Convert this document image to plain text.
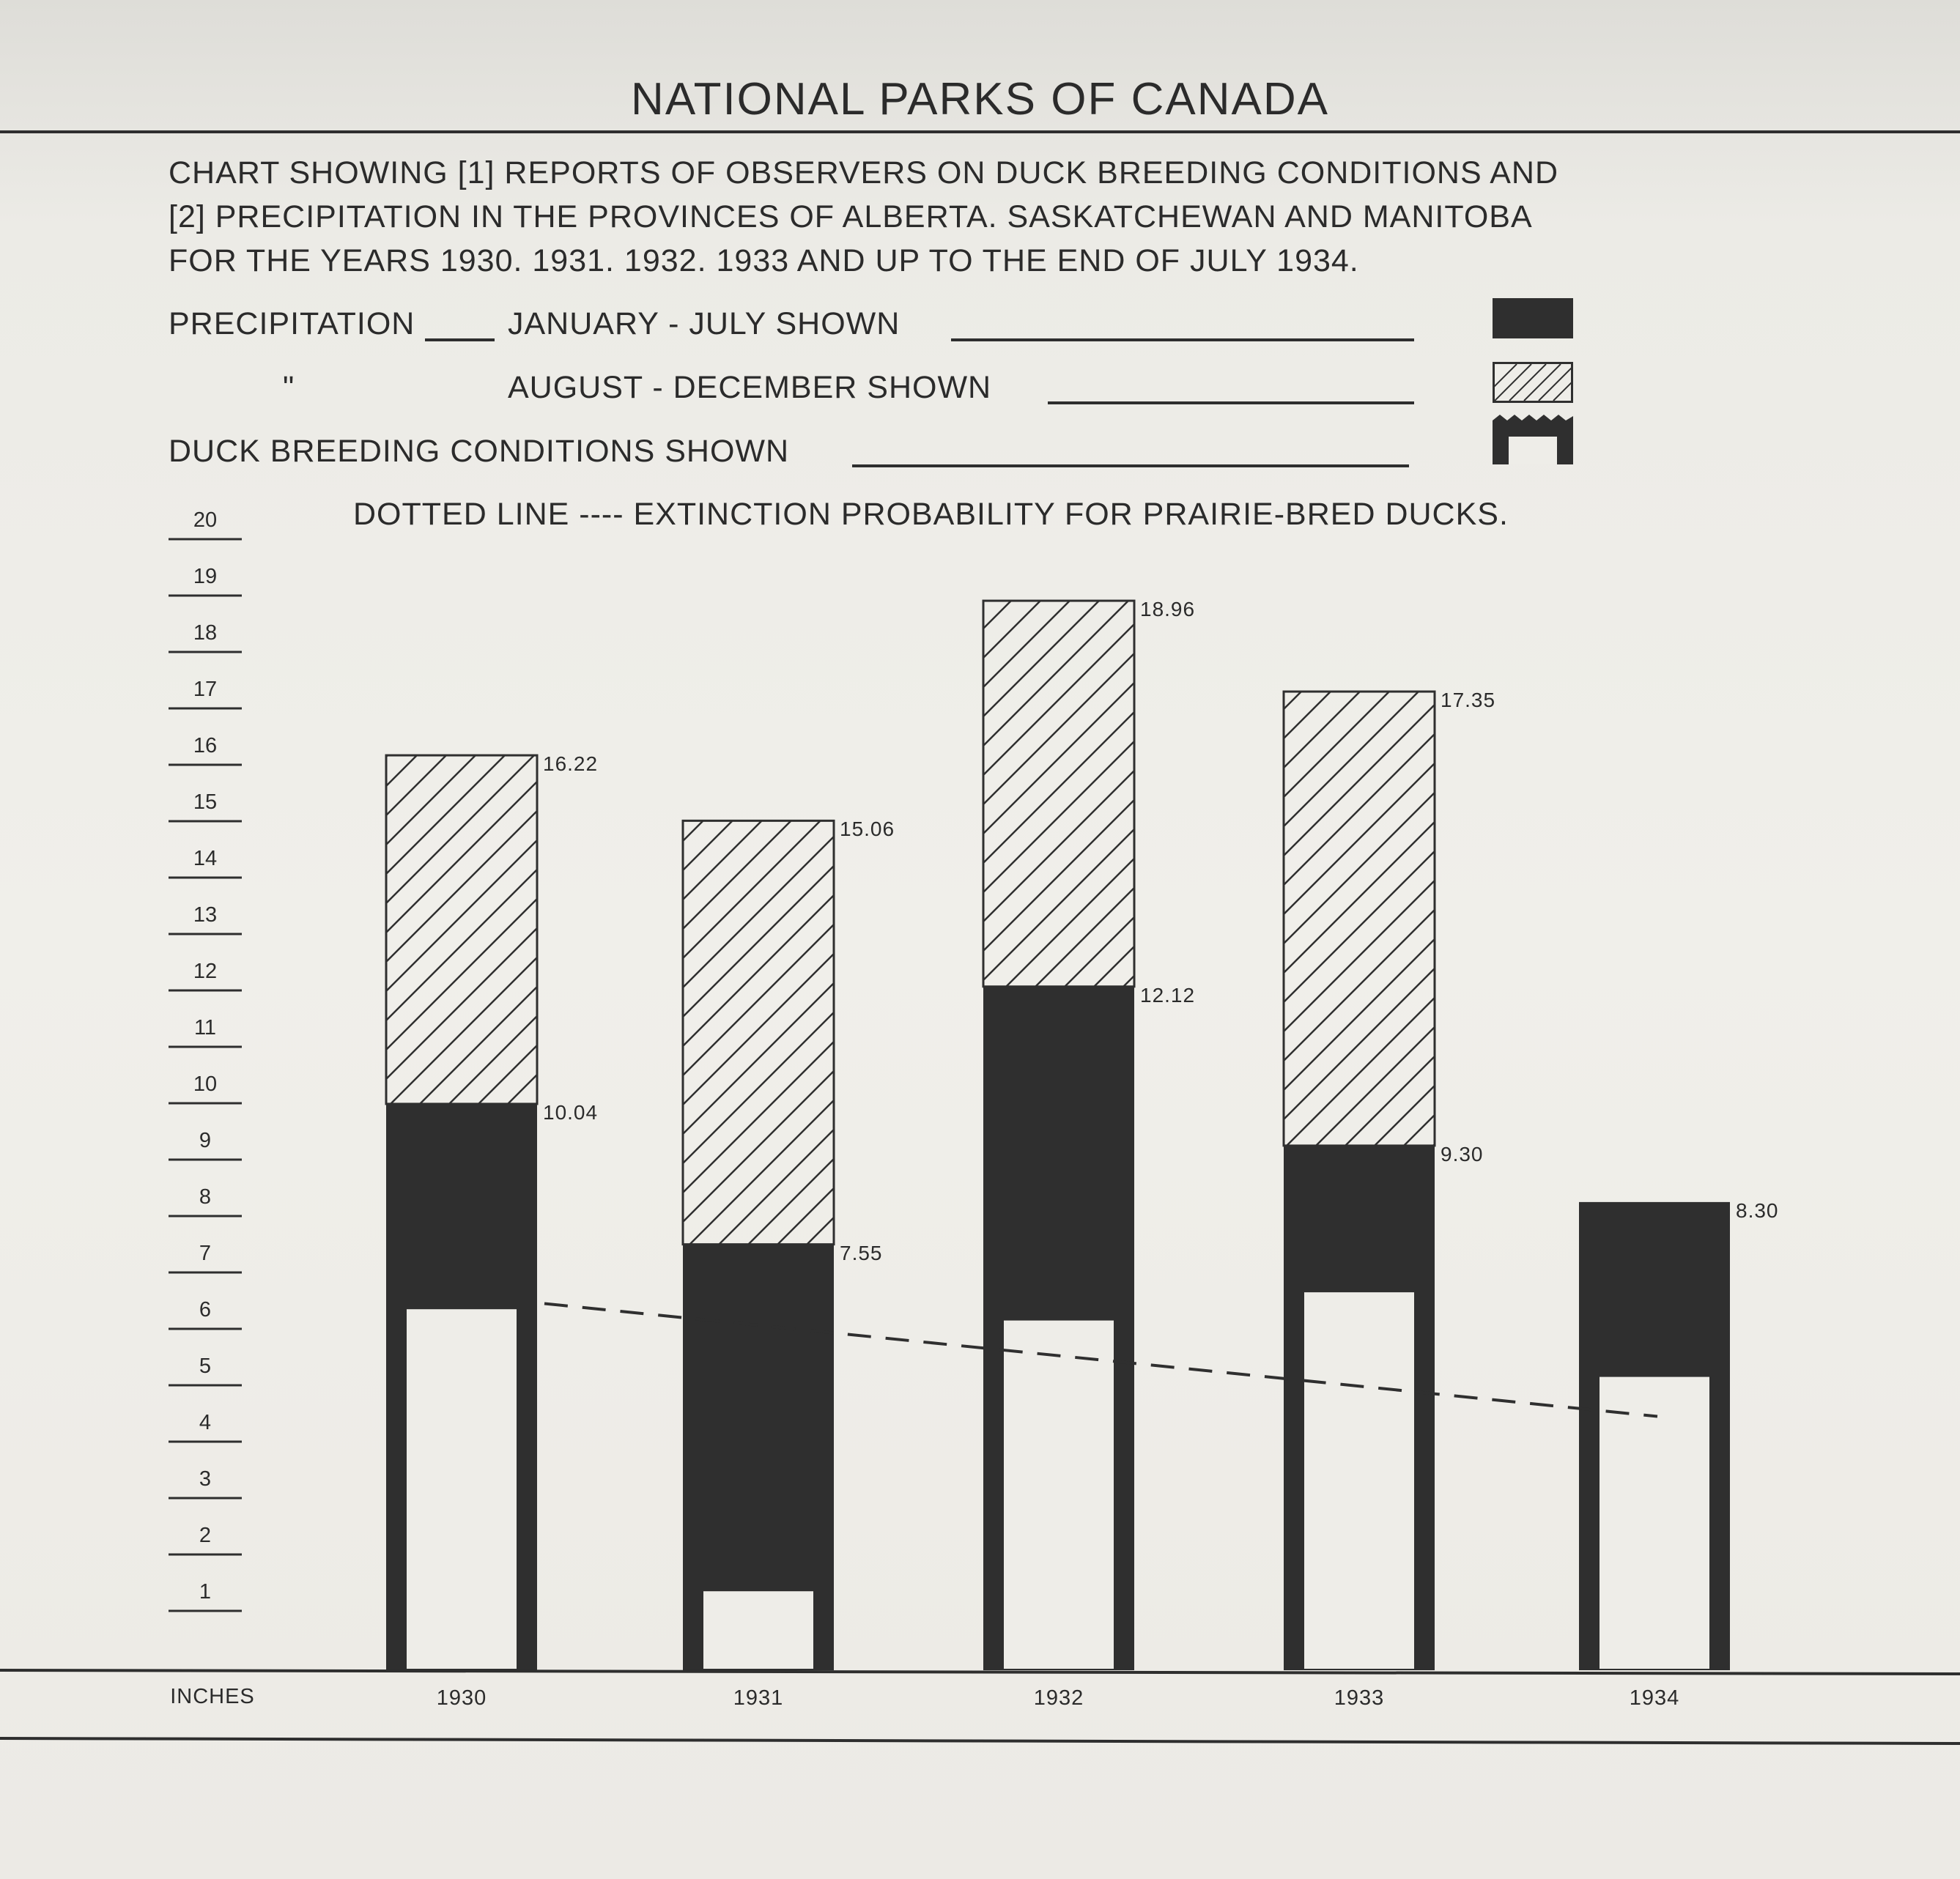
NATIONAL PARKS OF CANADA
CHART SHOWING [1] REPORTS OF OBSERVERS ON DUCK BREEDING CONDITIONS AND
[2] PRECIPITATION IN THE PROVINCES OF ALBERTA. SASKATCHEWAN AND MANITOBA
FOR THE YEARS 1930. 1931. 1932. 1933 AND UP TO THE END OF JULY 1934.
PRECIPITATION	JANUARY - JULY SHOWN
"	AUGUST - DECEMBER SHOWN
DUCK BREEDING CONDITIONS SHOWN
DOTTED LINE ---- EXTINCTION PROBABILITY FOR PRAIRIE-BRED DUCKS.
1
2
3
4
5
6
7
8
9
10
11
12
13
14
15
16
17
18
19
20
INCHES	1930	1931	1932	1933	1934
10.04
16.22
7.55
15.06
12.12
18.96
9.30
17.35
8.30
